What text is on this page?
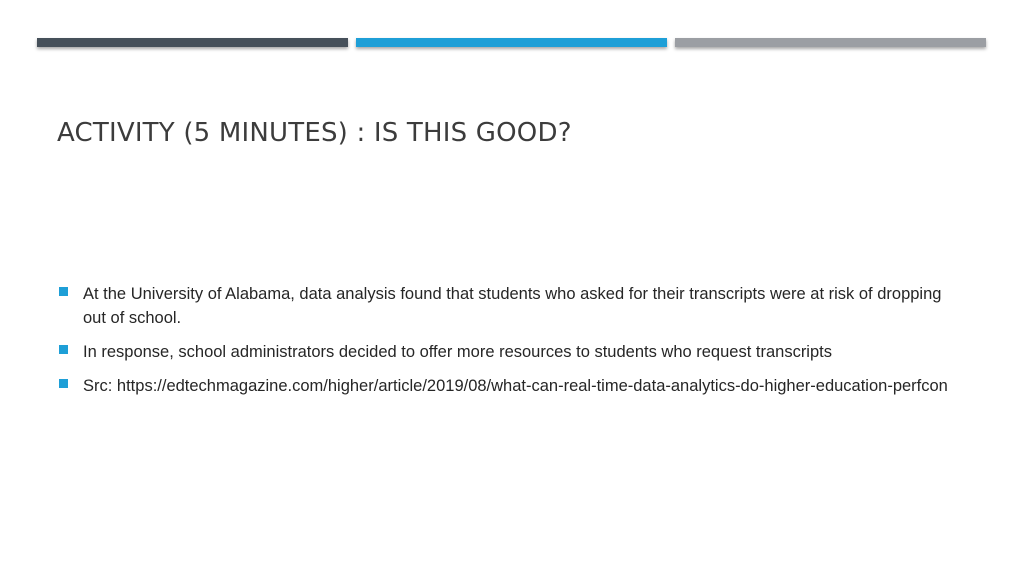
ACTIVITY (5 MINUTES) : IS THIS GOOD?
At the University of Alabama, data analysis found that students who asked for their transcripts were at risk of dropping out of school.
In response, school administrators decided to offer more resources to students who request transcripts
Src: https://edtechmagazine.com/higher/article/2019/08/what-can-real-time-data-analytics-do-higher-education-perfcon
